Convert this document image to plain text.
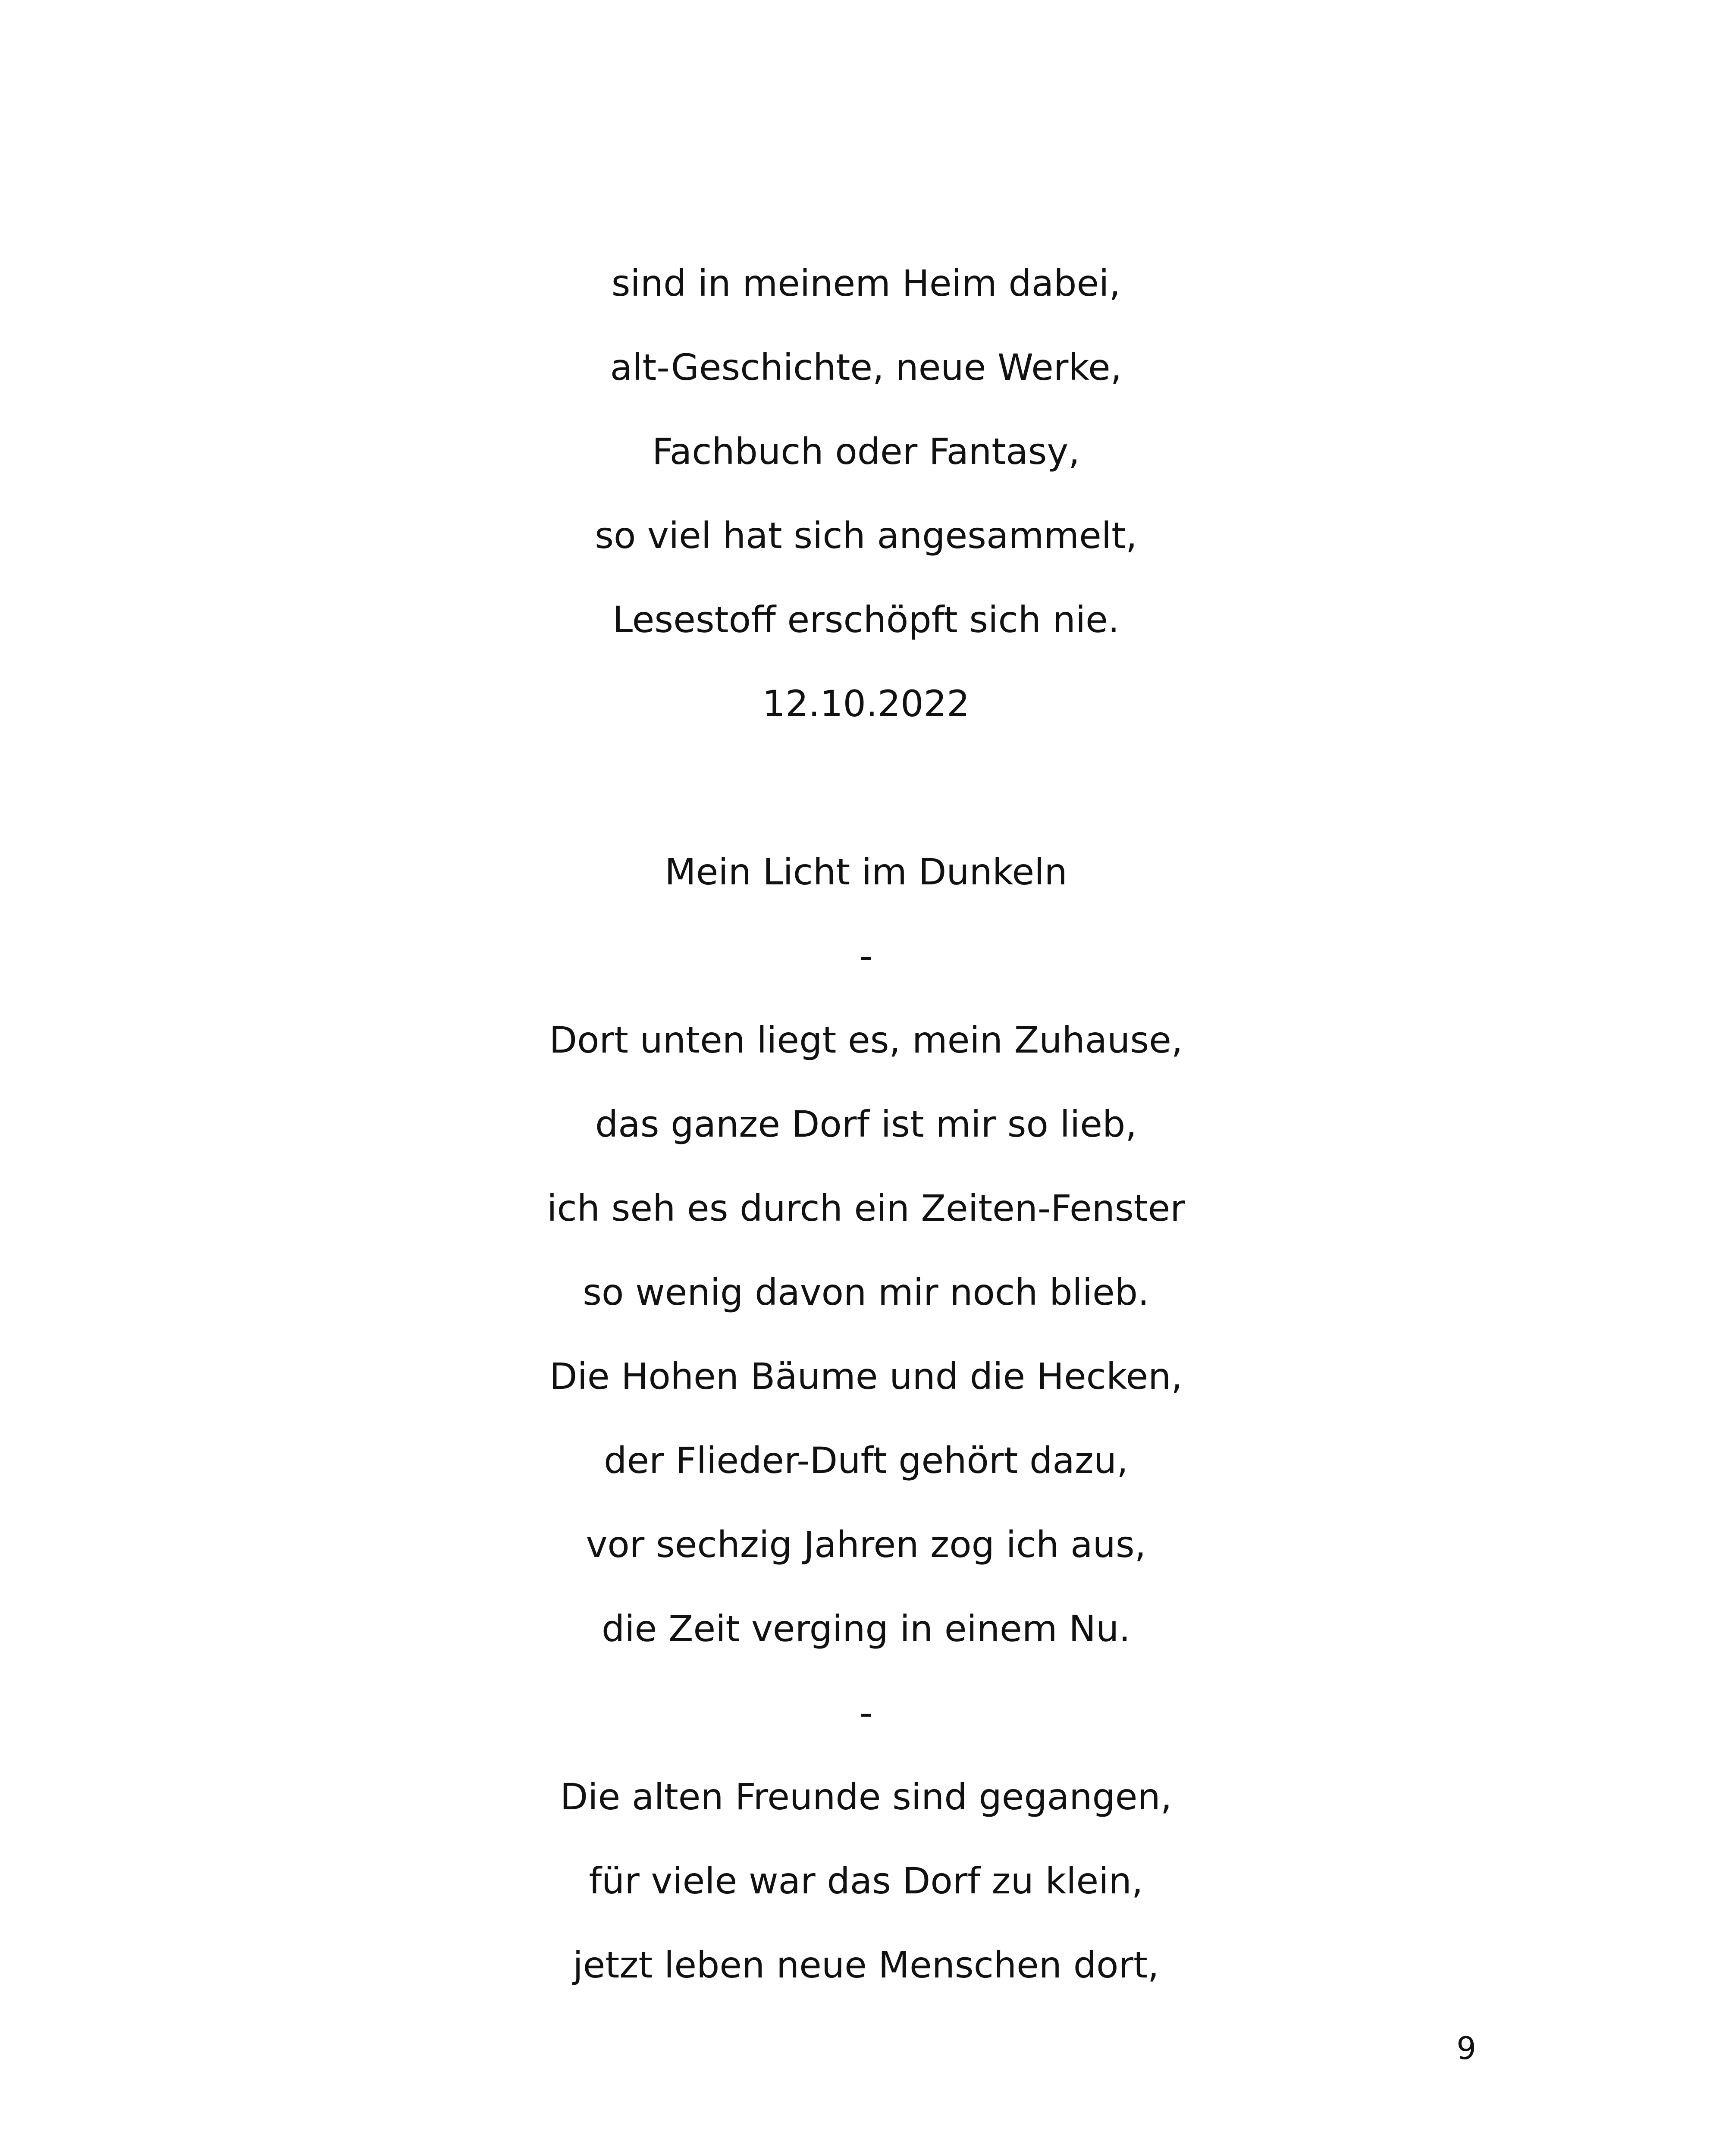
sind in meinem Heim dabei,
alt-Geschichte, neue Werke,
Fachbuch oder Fantasy,
so viel hat sich angesammelt,
Lesestoff erschöpft sich nie.
12.10.2022
Mein Licht im Dunkeln
-
Dort unten liegt es, mein Zuhause,
das ganze Dorf ist mir so lieb,
ich seh es durch ein Zeiten-Fenster
so wenig davon mir noch blieb.
Die Hohen Bäume und die Hecken,
der Flieder-Duft gehört dazu,
vor sechzig Jahren zog ich aus,
die Zeit verging in einem Nu.
-
Die alten Freunde sind gegangen,
für viele war das Dorf zu klein,
jetzt leben neue Menschen dort,
9
